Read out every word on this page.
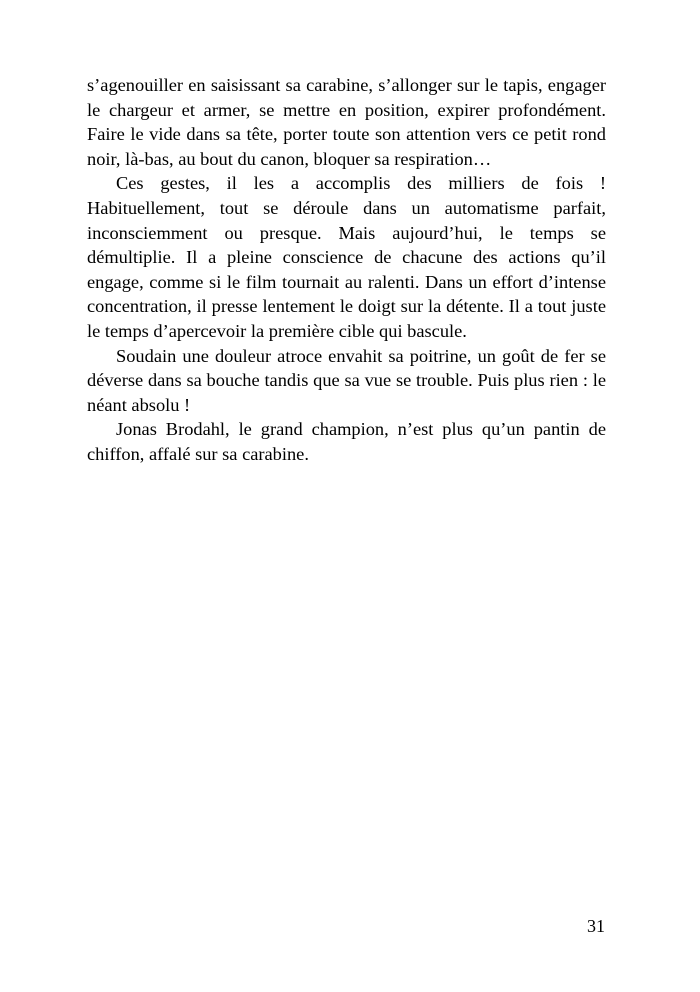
s’agenouiller en saisissant sa carabine, s’allonger sur le tapis, engager le chargeur et armer, se mettre en position, expirer profondément. Faire le vide dans sa tête, porter toute son attention vers ce petit rond noir, là-bas, au bout du canon, bloquer sa respiration…

Ces gestes, il les a accomplis des milliers de fois ! Habituellement, tout se déroule dans un automatisme parfait, inconsciemment ou presque. Mais aujourd’hui, le temps se démultiplie. Il a pleine conscience de chacune des actions qu’il engage, comme si le film tournait au ralenti. Dans un effort d’intense concentration, il presse lentement le doigt sur la détente. Il a tout juste le temps d’apercevoir la première cible qui bascule.

Soudain une douleur atroce envahit sa poitrine, un goût de fer se déverse dans sa bouche tandis que sa vue se trouble. Puis plus rien : le néant absolu !

Jonas Brodahl, le grand champion, n’est plus qu’un pantin de chiffon, affalé sur sa carabine.

31
